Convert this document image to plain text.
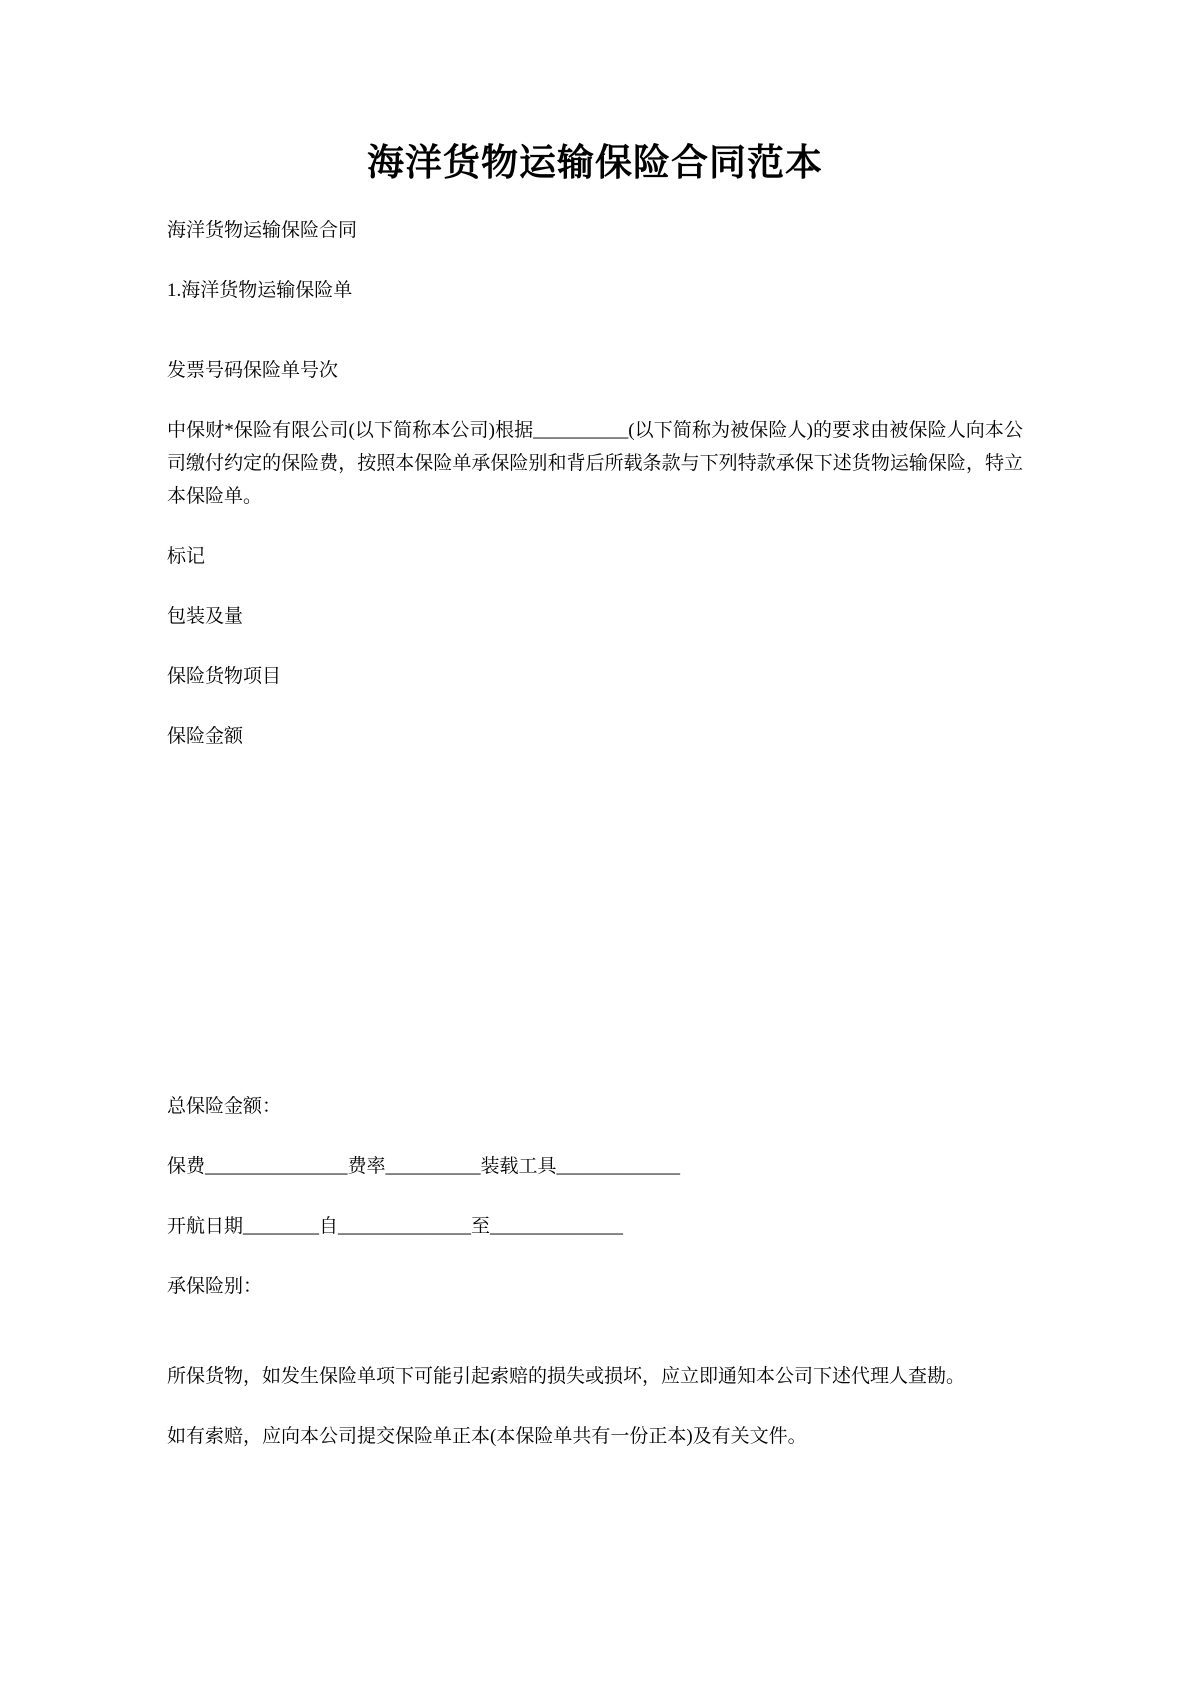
海洋货物运输保险合同范本

海洋货物运输保险合同

1.海洋货物运输保险单

发票号码保险单号次

中保财*保险有限公司(以下简称本公司)根据__________(以下简称为被保险人)的要求由被保险人向本公司缴付约定的保险费，按照本保险单承保险别和背后所载条款与下列特款承保下述货物运输保险，特立本保险单。

标记

包装及量

保险货物项目

保险金额

总保险金额：

保费_______________费率__________装载工具_____________

开航日期________自______________至______________

承保险别：

所保货物，如发生保险单项下可能引起索赔的损失或损坏，应立即通知本公司下述代理人查勘。

如有索赔，应向本公司提交保险单正本(本保险单共有一份正本)及有关文件。
